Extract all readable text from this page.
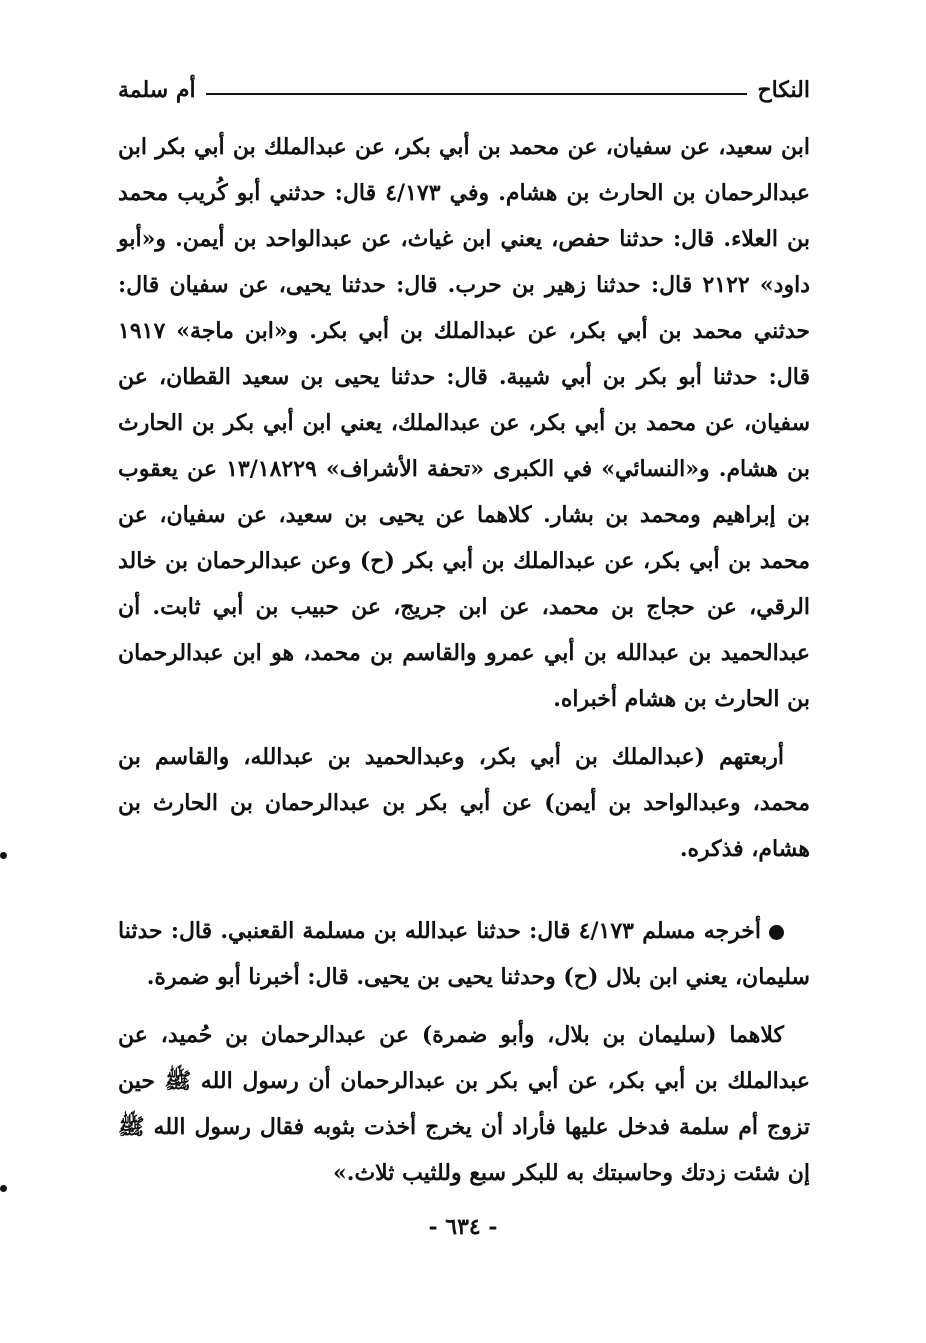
النكاح
أم سلمة

ابن سعيد، عن سفيان، عن محمد بن أبي بكر، عن عبدالملك بن أبي بكر ابن عبدالرحمان بن الحارث بن هشام. وفي ٤/١٧٣ قال: حدثني أبو كُريب محمد بن العلاء. قال: حدثنا حفص، يعني ابن غياث، عن عبدالواحد بن أيمن. و«أبو داود» ٢١٢٢ قال: حدثنا زهير بن حرب. قال: حدثنا يحيى، عن سفيان قال: حدثني محمد بن أبي بكر، عن عبدالملك بن أبي بكر. و«ابن ماجة» ١٩١٧ قال: حدثنا أبو بكر بن أبي شيبة. قال: حدثنا يحيى بن سعيد القطان، عن سفيان، عن محمد بن أبي بكر، عن عبدالملك، يعني ابن أبي بكر بن الحارث بن هشام. و«النسائي» في الكبرى «تحفة الأشراف» ١٣/١٨٢٢٩ عن يعقوب بن إبراهيم ومحمد بن بشار. كلاهما عن يحيى بن سعيد، عن سفيان، عن محمد بن أبي بكر، عن عبدالملك بن أبي بكر (ح) وعن عبدالرحمان بن خالد الرقي، عن حجاج بن محمد، عن ابن جريج، عن حبيب بن أبي ثابت. أن عبدالحميد بن عبدالله بن أبي عمرو والقاسم بن محمد، هو ابن عبدالرحمان بن الحارث بن هشام أخبراه.

أربعتهم (عبدالملك بن أبي بكر، وعبدالحميد بن عبدالله، والقاسم بن محمد، وعبدالواحد بن أيمن) عن أبي بكر بن عبدالرحمان بن الحارث بن هشام، فذكره.

أخرجه مسلم ٤/١٧٣ قال: حدثنا عبدالله بن مسلمة القعنبي. قال: حدثنا سليمان، يعني ابن بلال (ح) وحدثنا يحيى بن يحيى. قال: أخبرنا أبو ضمرة.

كلاهما (سليمان بن بلال، وأبو ضمرة) عن عبدالرحمان بن حُميد، عن عبدالملك بن أبي بكر، عن أبي بكر بن عبدالرحمان أن رسول الله ﷺ حين تزوج أم سلمة فدخل عليها فأراد أن يخرج أخذت بثوبه فقال رسول الله ﷺ إن شئت زدتك وحاسبتك به للبكر سبع وللثيب ثلاث.»

- ٦٣٤ -
